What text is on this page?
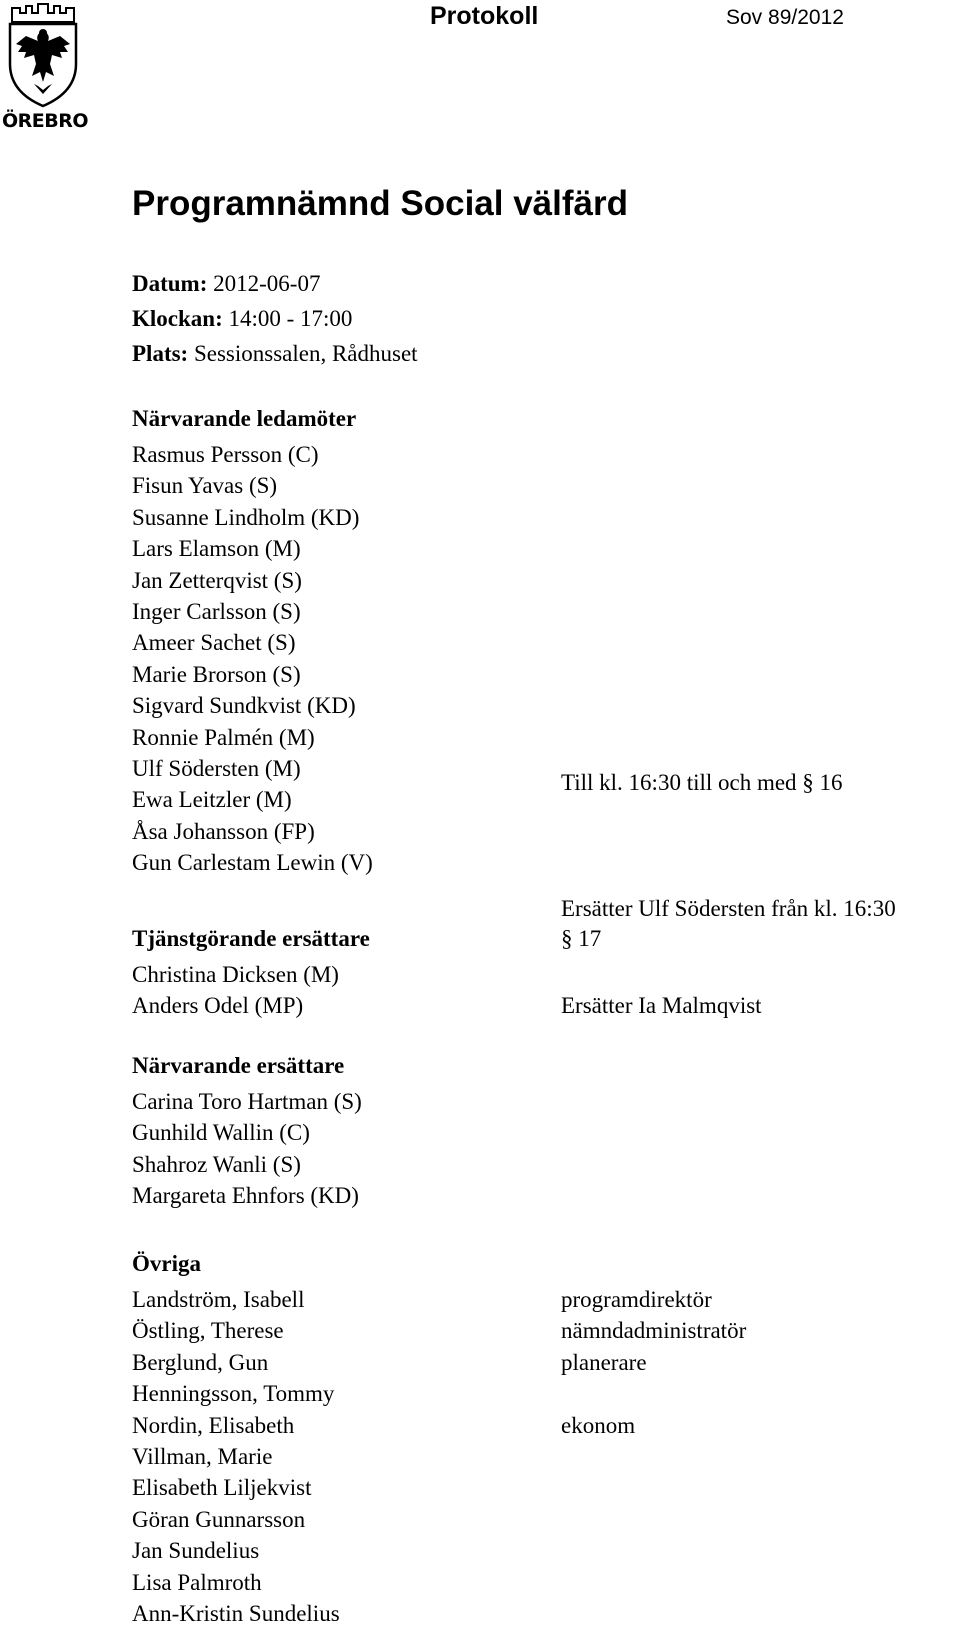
ÖREBRO
Protokoll	Sov 89/2012
Programnämnd Social välfärd
Datum: 2012-06-07
Klockan: 14:00 - 17:00
Plats: Sessionssalen, Rådhuset
Närvarande ledamöter
Rasmus Persson (C)
Fisun Yavas (S)
Susanne Lindholm (KD)
Lars Elamson (M)
Jan Zetterqvist (S)
Inger Carlsson (S)
Ameer Sachet (S)
Marie Brorson (S)
Sigvard Sundkvist (KD)
Ronnie Palmén (M)
Ulf Södersten (M)
Ewa Leitzler (M)
Åsa Johansson (FP)
Gun Carlestam Lewin (V)
Till kl. 16:30 till och med § 16
Ersätter Ulf Södersten från kl. 16:30
Tjänstgörande ersättare
Christina Dicksen (M)
Anders Odel (MP)
§ 17
Ersätter Ia Malmqvist
Närvarande ersättare
Carina Toro Hartman (S)
Gunhild Wallin (C)
Shahroz Wanli (S)
Margareta Ehnfors (KD)
Övriga
Landström, Isabell
Östling, Therese
Berglund, Gun
Henningsson, Tommy
Nordin, Elisabeth
Villman, Marie
Elisabeth Liljekvist
Göran Gunnarsson
Jan Sundelius
Lisa Palmroth
Ann-Kristin Sundelius
programdirektör
nämndadministratör
planerare
ekonom
